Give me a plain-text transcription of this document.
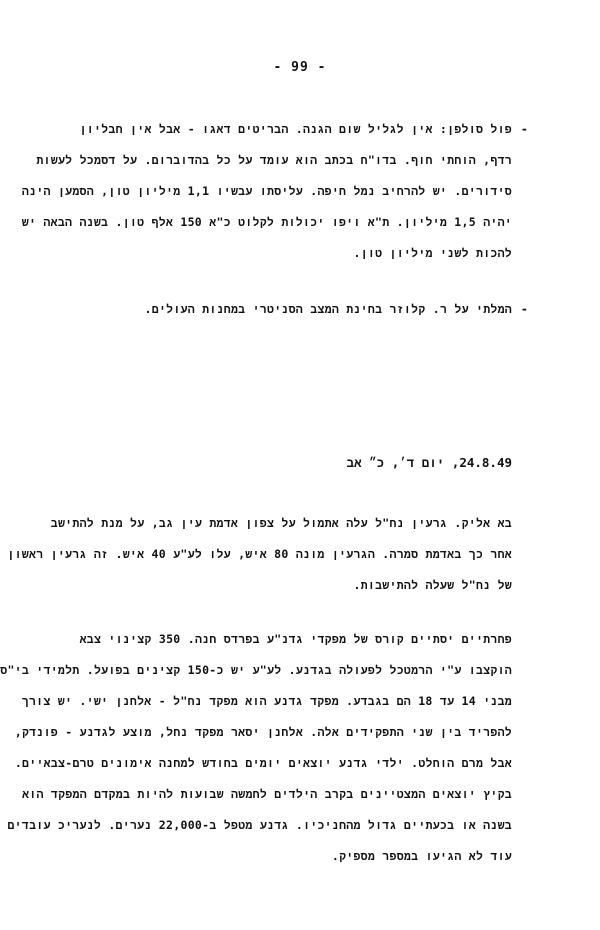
- 99 -
-
פול סולפן: אין לגליל שום הגנה. הבריטים דאגו - אבל אין חבליון
רדף, הוחתי חוף. בדו"ח בכתב הוא עומד על כל בהדוברום. על דסמכל לעשות
סידורים. יש להרחיב נמל חיפה. עליסתו עבשיו 1,1 מיליון טון, הסמען הינה
יהיה 1,5 מיליון. ת"א ויפו יכולות לקלוט כ"א 150 אלף טון. בשנה הבאה יש
להכות לשני מיליון טון.
-
המלתי על ר. קלוזר בחינת המצב הסניטרי במחנות העולים.
24.8.49, יום ד׳, כ״ אב
בא אליק. גרעין נח"ל עלה אתמול על צפון אדמת עין גב, על מנת להתישב
אחר כך באדמת סמרה. הגרעין מונה 80 איש, עלו לע"ע 40 איש. זה גרעין ראשון
של נח"ל שעלה להתישבות.
פחרתיים יסתיים קורס של מפקדי גדנ"ע בפרדס חנה. 350 קצינוי צבא
הוקצבו ע"י הרמטכל לפעולה בגדנע. לע"ע יש כ-150 קצינים בפועל. תלמידי בי"ס
מבני 14 עד 18 הם בגבדע. מפקד גדנע הוא מפקד נח"ל - אלחנן ישי. יש צורך
להפריד בין שני התפקידים אלה. אלחנן יסאר מפקד נחל, מוצע לגדנע - פונדק,
אבל מרם הוחלט. ילדי גדנע יוצאים יומים בחודש למחנה אימונים טרם-צבאיים.
בקיץ יוצאים המצטיינים בקרב הילדים לחמשה שבועות להיות במקדם המפקד הוא
בשנה או בכעתיים גדול מהחניכיו. גדנע מטפל ב-22,000 נערים. לנעריכ עובדים
עוד לא הגיעו במספר מספיק.
